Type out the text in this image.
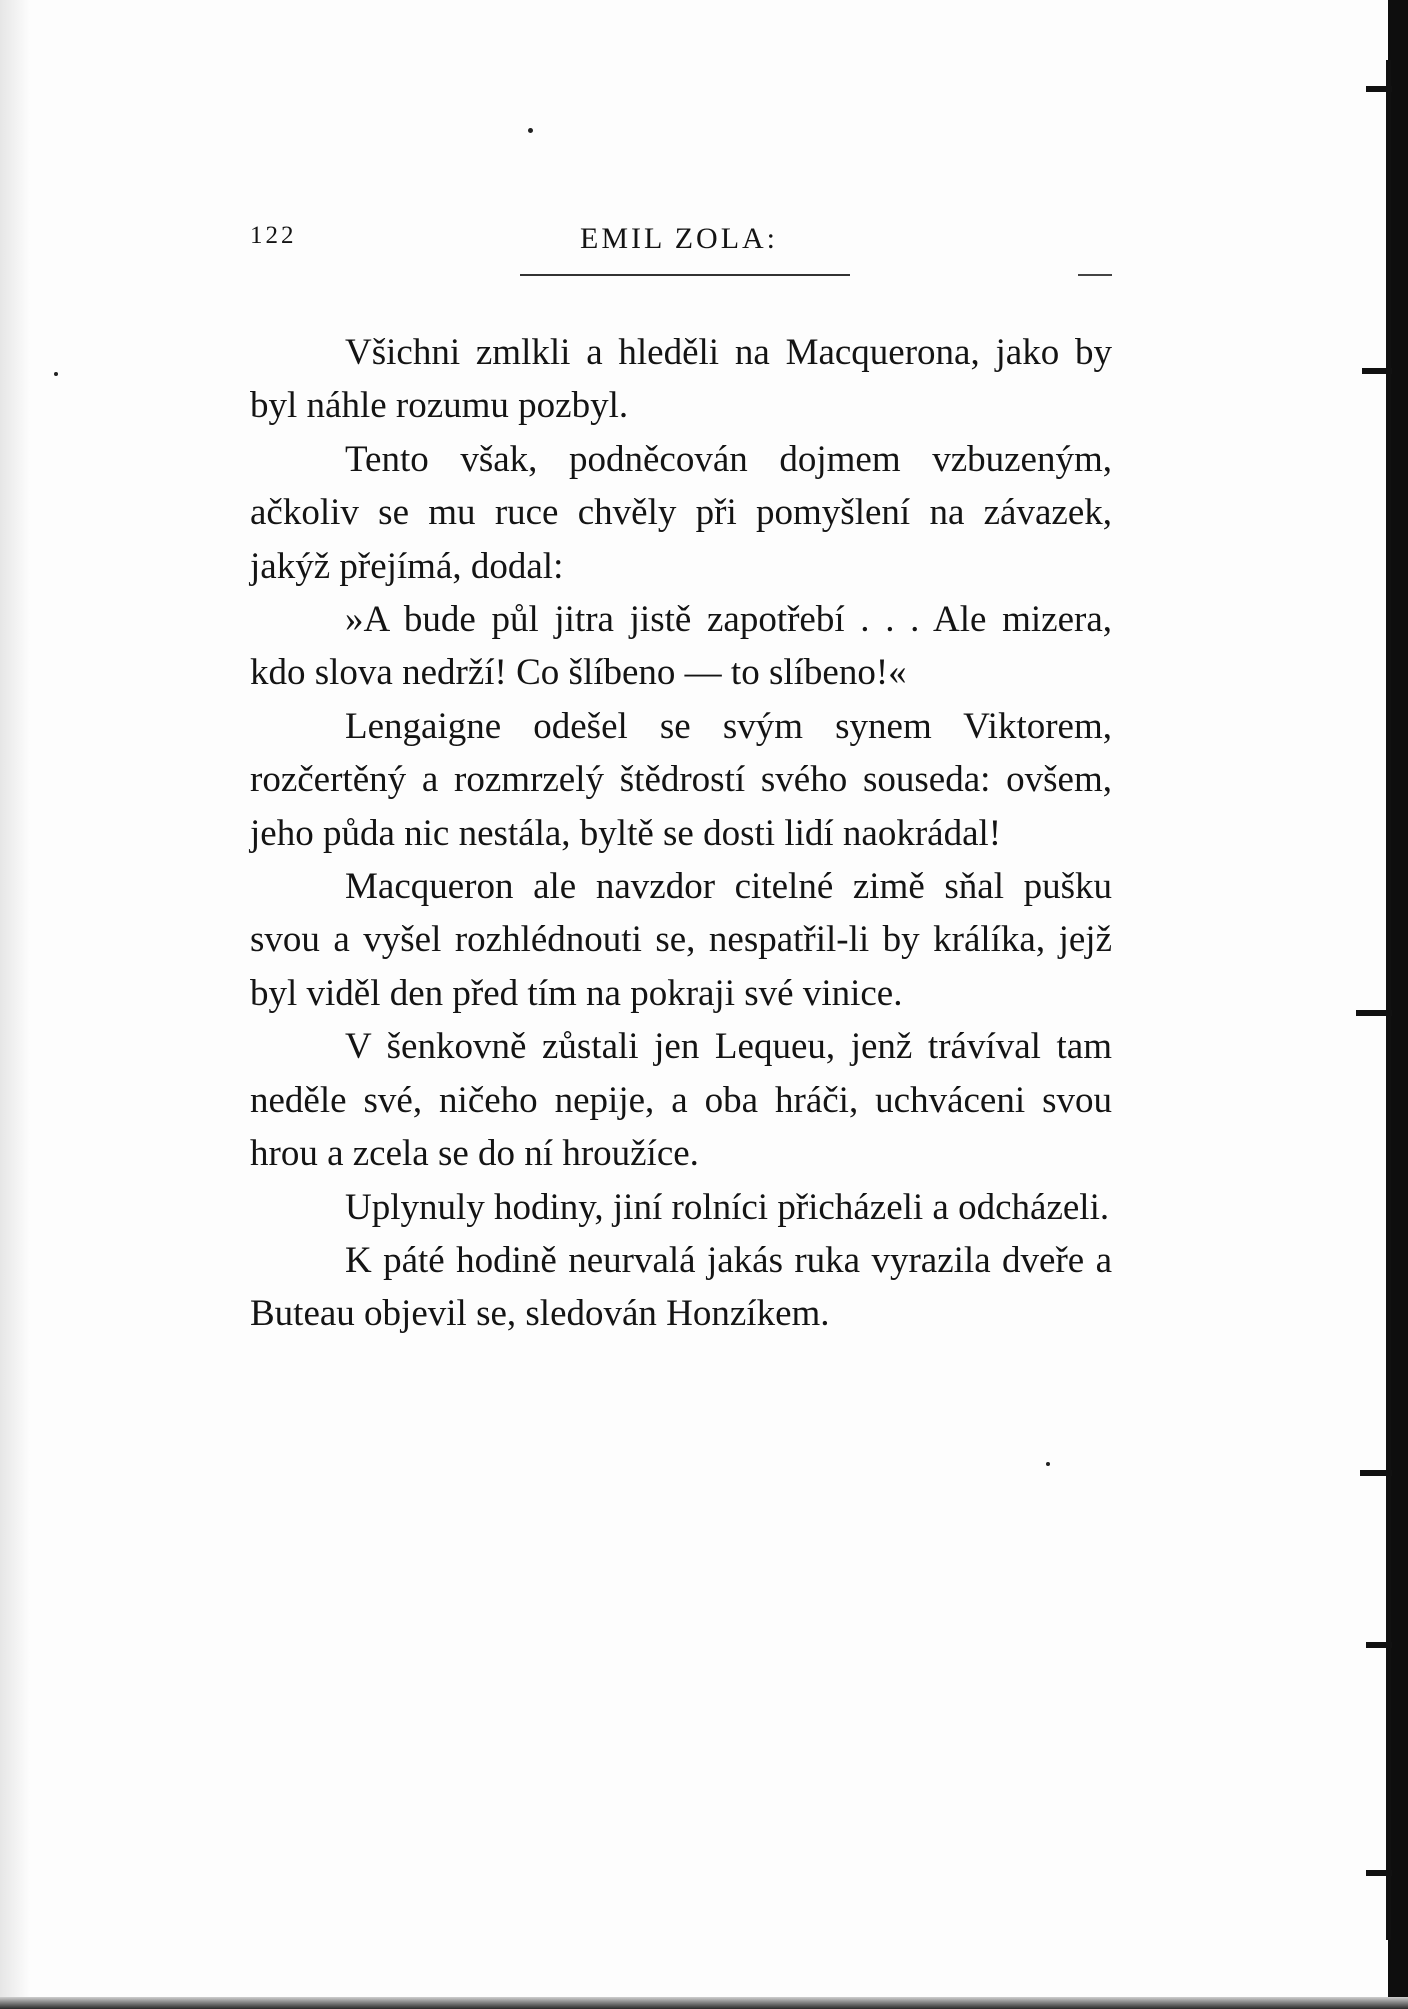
122	EMIL ZOLA:

Všichni zmlkli a hleděli na Macquerona, jako by byl náhle rozumu pozbyl.

Tento však, podněcován dojmem vzbuzeným, ačkoliv se mu ruce chvěly při pomyšlení na závazek, jakýž přejímá, dodal:

»A bude půl jitra jistě zapotřebí . . . Ale mizera, kdo slova nedrží! Co šlíbeno — to slíbeno!«

Lengaigne odešel se svým synem Viktorem, rozčertěný a rozmrzelý štědrostí svého souseda: ovšem, jeho půda nic nestála, byltě se dosti lidí naokrádal!

Macqueron ale navzdor citelné zimě sňal pušku svou a vyšel rozhlédnouti se, nespatřil-li by králíka, jejž byl viděl den před tím na pokraji své vinice.

V šenkovně zůstali jen Lequeu, jenž trávíval tam neděle své, ničeho nepije, a oba hráči, uchváceni svou hrou a zcela se do ní hroužíce.

Uplynuly hodiny, jiní rolníci přicházeli a odcházeli.

K páté hodině neurvalá jakás ruka vyrazila dveře a Buteau objevil se, sledován Honzíkem.
